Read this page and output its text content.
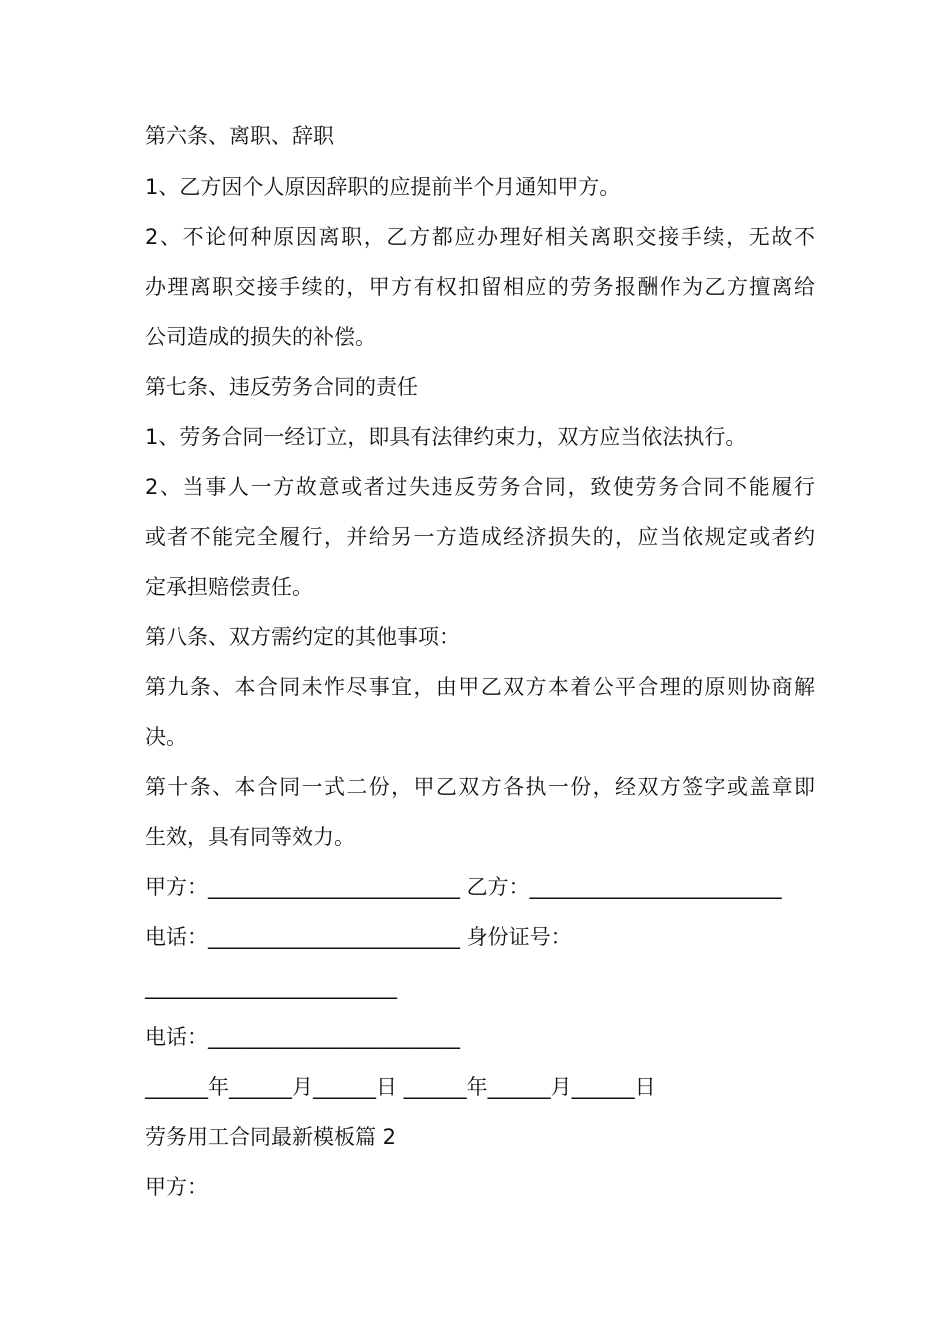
第六条、离职、辞职
1、乙方因个人原因辞职的应提前半个月通知甲方。
2、不论何种原因离职，乙方都应办理好相关离职交接手续，无故不
办理离职交接手续的，甲方有权扣留相应的劳务报酬作为乙方擅离给
公司造成的损失的补偿。
第七条、违反劳务合同的责任
1、劳务合同一经订立，即具有法律约束力，双方应当依法执行。
2、当事人一方故意或者过失违反劳务合同，致使劳务合同不能履行
或者不能完全履行，并给另一方造成经济损失的，应当依规定或者约
定承担赔偿责任。
第八条、双方需约定的其他事项：
第九条、本合同未怍尽事宜，由甲乙双方本着公平合理的原则协商解
决。
第十条、本合同一式二份，甲乙双方各执一份，经双方签字或盖章即
生效，具有同等效力。
甲方：________________________ 乙方：________________________
电话：________________________ 身份证号：
________________________
电话：________________________
______年______月______日 ______年______月______日
劳务用工合同最新模板篇 2
甲方：
